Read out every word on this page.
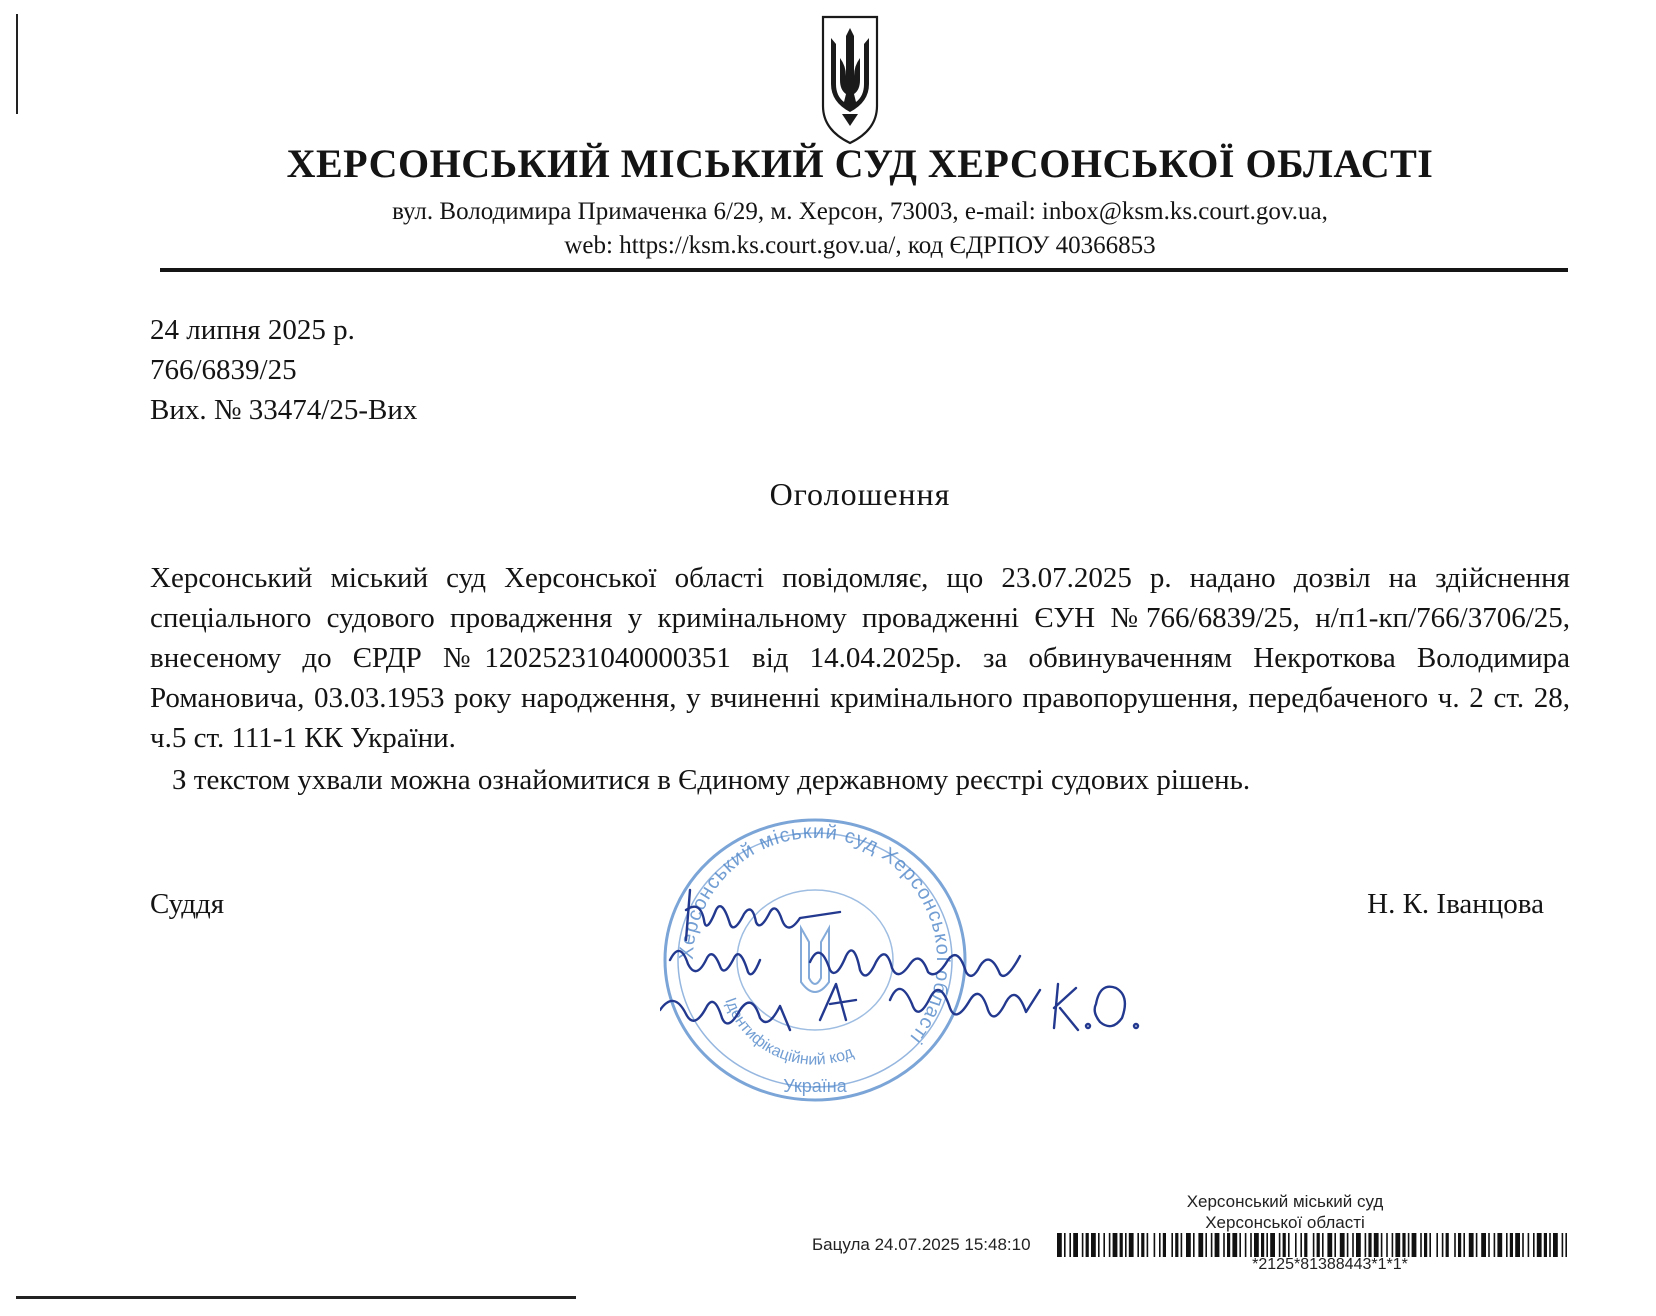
ХЕРСОНСЬКИЙ МІСЬКИЙ СУД ХЕРСОНСЬКОЇ ОБЛАСТІ
вул. Володимира Примаченка 6/29, м. Херсон, 73003, e-mail: inbox@ksm.ks.court.gov.ua,
web: https://ksm.ks.court.gov.ua/, код ЄДРПОУ 40366853
24 липня 2025 р.
766/6839/25
Вих. № 33474/25-Вих
Оголошення

Херсонський міський суд Херсонської області повідомляє, що 23.07.2025 р. надано дозвіл на здійснення спеціального судового провадження у кримінальному провадженні ЄУН №766/6839/25, н/п1-кп/766/3706/25, внесеному до ЄРДР №12025231040000351 від 14.04.2025р. за обвинуваченням Некроткова Володимира Романовича, 03.03.1953 року народження, у вчиненні кримінального правопорушення, передбаченого ч. 2 ст. 28, ч.5 ст. 111-1 КК України.

З текстом ухвали можна ознайомитися в Єдиному державному реєстрі судових рішень.

Суддя	Н. К. Іванцова
Херсонський міський суд Херсонської області
Ідентифікаційний код
Україна
Херсонський міський суд
Херсонської області
Бацула 24.07.2025 15:48:10
*2125*81388443*1*1*
